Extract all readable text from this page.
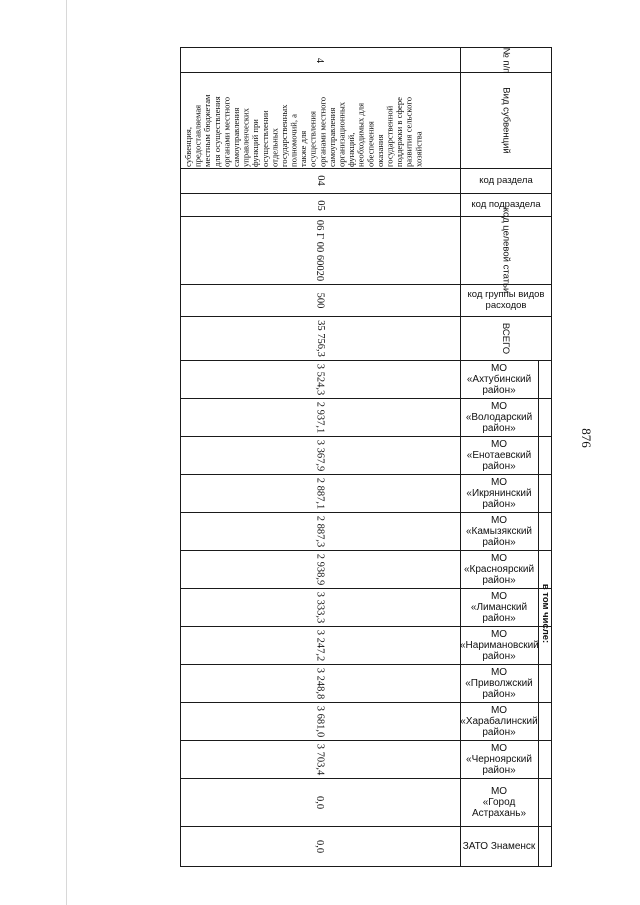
876
№ п/п
Вид субвенций
код раздела
код подраздела
код целевой статьи
код группы видов расходов
ВСЕГО
в том числе:
4
субвенция, предоставляемая местным бюджетам для осуществления органами местного самоуправления управленческих функций при осуществлении отдельных государственных полномочий, а также для осуществления органами местного самоуправления организационных функций, необходимых для обеспечения оказания государственной поддержки в сфере развития сельского хозяйства
04
05
06 Г 00 60020
500
35 756,3
МО
«Ахтубинский
район»
3 524,3
МО
«Володарский
район»
2 937,1
МО
«Енотаевский
район»
3 367,9
МО
«Икрянинский
район»
2 887,1
МО
«Камызякский
район»
2 887,3
МО
«Красноярский
район»
2 938,9
МО
«Лиманский
район»
3 333,3
МО
«Наримановский
район»
3 247,2
МО
«Приволжский
район»
3 248,8
МО
«Харабалинский
район»
3 681,0
МО
«Черноярский
район»
3 703,4
МО
«Город
Астрахань»
0,0
ЗАТО Знаменск
0,0
